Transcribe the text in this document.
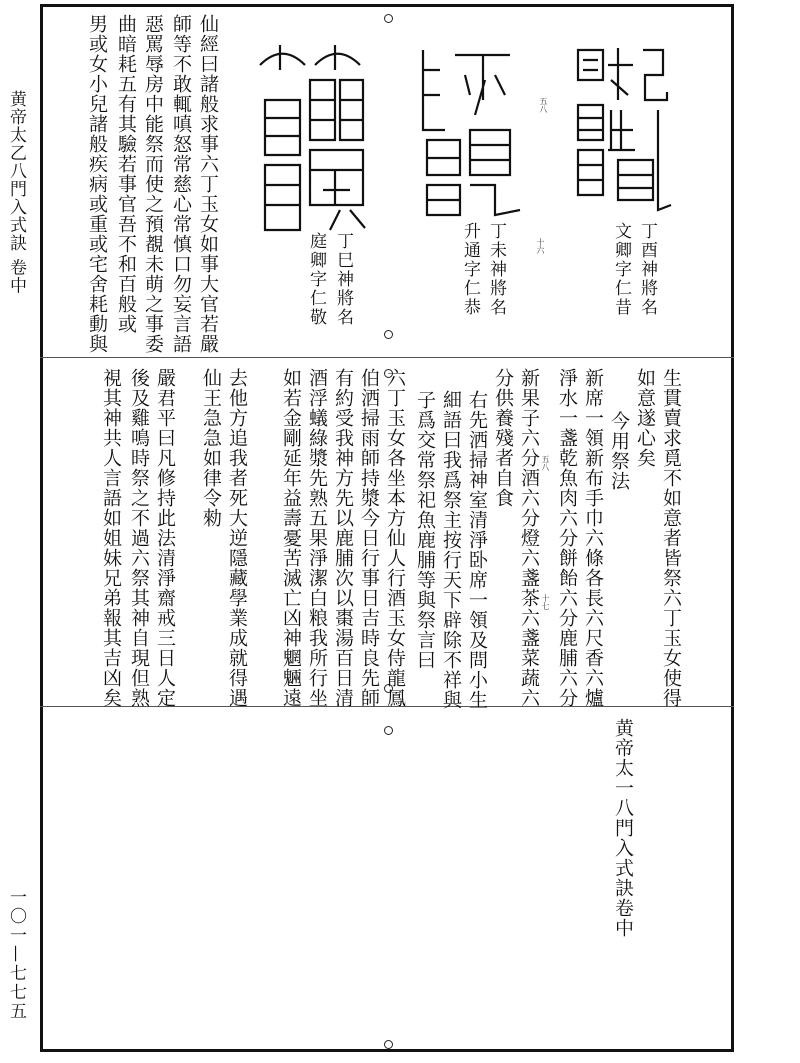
黄帝太乙八門入式訣 卷中
一〇一—七七五
丁酉神將名
文卿字仁昔
十六
丁未神將名
升通字仁恭
五八
丁巳神將名
庭卿字仁敬
仙經曰諸般求事六丁玉女如事大官若嚴
師等不敢輒嗔怒常慈心常慎口勿妄言語
惡罵辱房中能祭而使之預覩未萌之事委
曲暗耗五有其驗若事官吾不和百般或
男或女小兒諸般疾病或重或宅舍耗動與
生貫賣求覓不如意者皆祭六丁玉女使得
如意遂心矣
今用祭法
新席一領新布手巾六條各長六尺香六爐
淨水一盞乾魚肉六分餅飴六分鹿脯六分
新果子六分酒六分燈六盞茶六盞菜蔬六
分供養殘者自食
右先洒掃神室清淨卧席一領及問小生
細語曰我爲祭主按行天下辟除不祥與
子爲交常祭祀魚鹿脯等與祭言曰
六丁玉女各坐本方仙人行酒玉女侍龍鳳
伯洒掃雨師持漿今日行事日吉時良先師
有約受我神方先以鹿脯次以棗湯百日清
酒浮蟻綠漿先熟五果淨潔白粮我所行坐
如若金剛延年益壽憂苦滅亡凶神魍魎遠
去他方追我者死大逆隱藏學業成就得遇
仙王急急如律令勑
嚴君平曰凡修持此法清淨齋戒三日人定
後及雞鳴時祭之不過六祭其神自現但熟
視其神共人言語如姐妹兄弟報其吉凶矣	五八
十七
黄帝太一八門入式訣卷中
